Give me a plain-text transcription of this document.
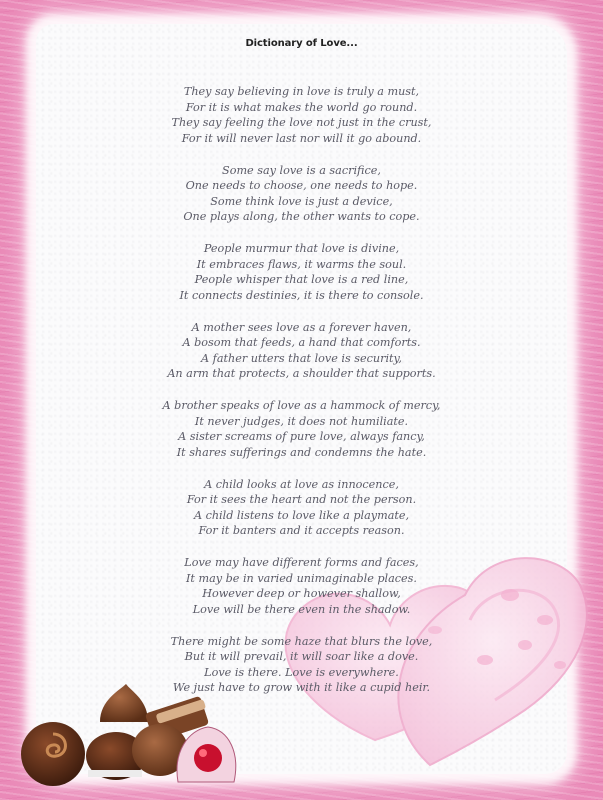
Dictionary of Love...
They say believing in love is truly a must,
For it is what makes the world go round.
They say feeling the love not just in the crust,
For it will never last nor will it go abound.
Some say love is a sacrifice,
One needs to choose, one needs to hope.
Some think love is just a device,
One plays along, the other wants to cope.
People murmur that love is divine,
It embraces flaws, it warms the soul.
People whisper that love is a red line,
It connects destinies, it is there to console.
A mother sees love as a forever haven,
A bosom that feeds, a hand that comforts.
A father utters that love is security,
An arm that protects, a shoulder that supports.
A brother speaks of love as a hammock of mercy,
It never judges, it does not humiliate.
A sister screams of pure love, always fancy,
It shares sufferings and condemns the hate.
A child looks at love as innocence,
For it sees the heart and not the person.
A child listens to love like a playmate,
For it banters and it accepts reason.
Love may have different forms and faces,
It may be in varied unimaginable places.
However deep or however shallow,
Love will be there even in the shadow.
There might be some haze that blurs the love,
But it will prevail, it will soar like a dove.
Love is there. Love is everywhere.
We just have to grow with it like a cupid heir.
